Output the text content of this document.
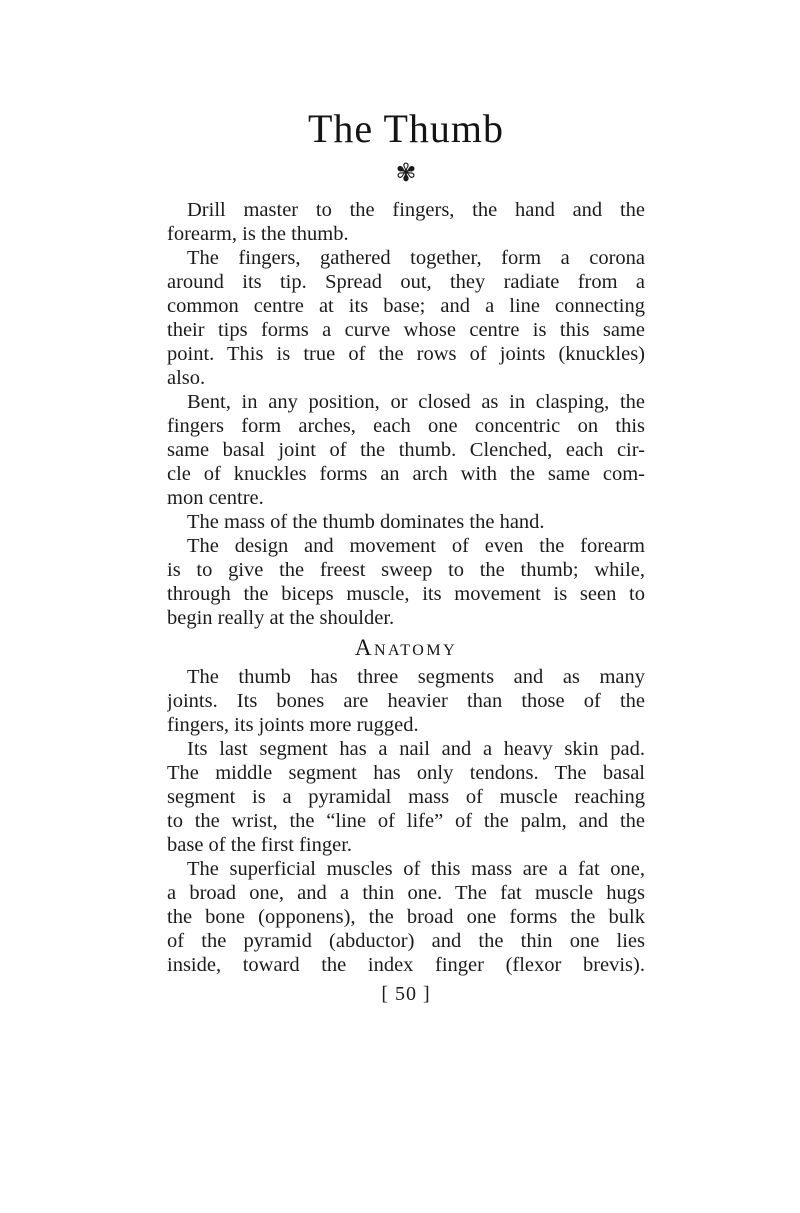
The Thumb
✾
Drill master to the fingers, the hand and the
forearm, is the thumb.
The fingers, gathered together, form a corona
around its tip. Spread out, they radiate from a
common centre at its base; and a line connecting
their tips forms a curve whose centre is this same
point. This is true of the rows of joints (knuckles)
also.
Bent, in any position, or closed as in clasping, the
fingers form arches, each one concentric on this
same basal joint of the thumb. Clenched, each cir-
cle of knuckles forms an arch with the same com-
mon centre.
The mass of the thumb dominates the hand.
The design and movement of even the forearm
is to give the freest sweep to the thumb; while,
through the biceps muscle, its movement is seen to
begin really at the shoulder.
Anatomy
The thumb has three segments and as many
joints. Its bones are heavier than those of the
fingers, its joints more rugged.
Its last segment has a nail and a heavy skin pad.
The middle segment has only tendons. The basal
segment is a pyramidal mass of muscle reaching
to the wrist, the “line of life” of the palm, and the
base of the first finger.
The superficial muscles of this mass are a fat one,
a broad one, and a thin one. The fat muscle hugs
the bone (opponens), the broad one forms the bulk
of the pyramid (abductor) and the thin one lies
inside, toward the index finger (flexor brevis).
[ 50 ]
